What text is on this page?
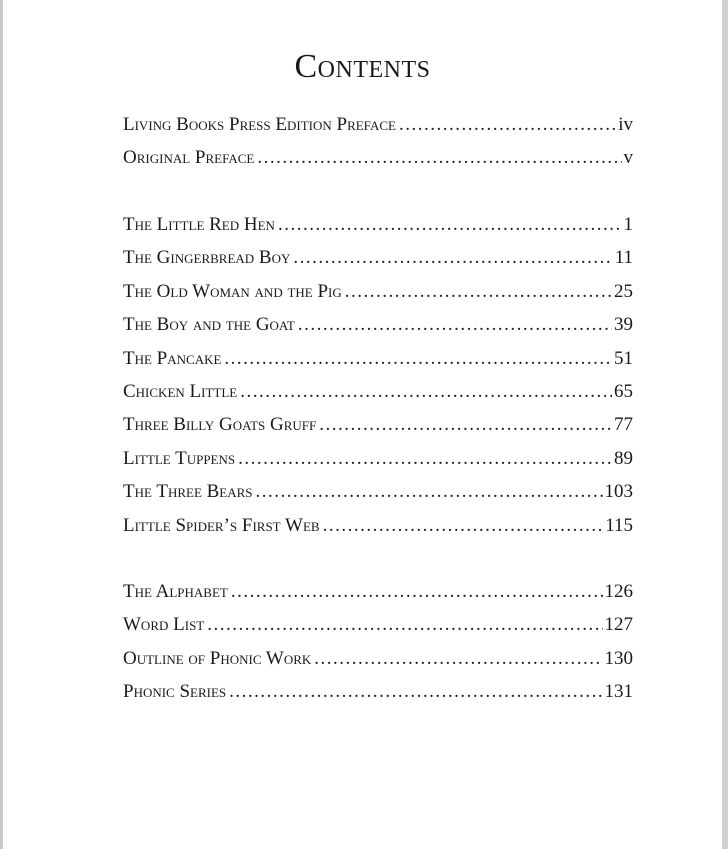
Contents
Living Books Press Edition Preface .....	iv
Original Preface .....	v
The Little Red Hen .....	1
The Gingerbread Boy .....	11
The Old Woman and the Pig .....	25
The Boy and the Goat .....	39
The Pancake .....	51
Chicken Little .....	65
Three Billy Goats Gruff .....	77
Little Tuppens .....	89
The Three Bears .....	103
Little Spider’s First Web .....	115
The Alphabet .....	126
Word List .....	127
Outline of Phonic Work .....	130
Phonic Series .....	131
